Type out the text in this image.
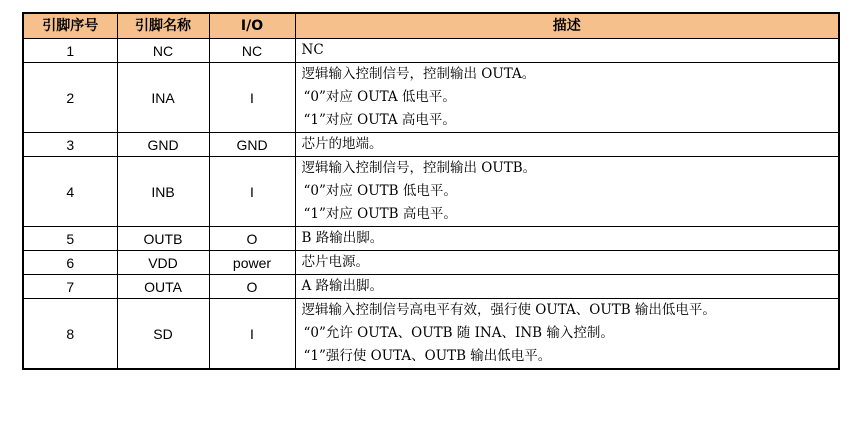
引脚序号	引脚名称	I/O	描述
1	NC	NC	NC

2	INA	I	逻辑输入控制信号，控制输出 OUTA。
“0”对应 OUTA 低电平。
“1”对应 OUTA 高电平。

3	GND	GND	芯片的地端。

4	INB	I	逻辑输入控制信号，控制输出 OUTB。
“0”对应 OUTB 低电平。
“1”对应 OUTB 高电平。

5	OUTB	O	B 路输出脚。

6	VDD	power	芯片电源。

7	OUTA	O	A 路输出脚。

8	SD	I	逻辑输入控制信号高电平有效，强行使 OUTA、OUTB 输出低电平。
“0”允许 OUTA、OUTB 随 INA、INB 输入控制。
“1”强行使 OUTA、OUTB 输出低电平。
